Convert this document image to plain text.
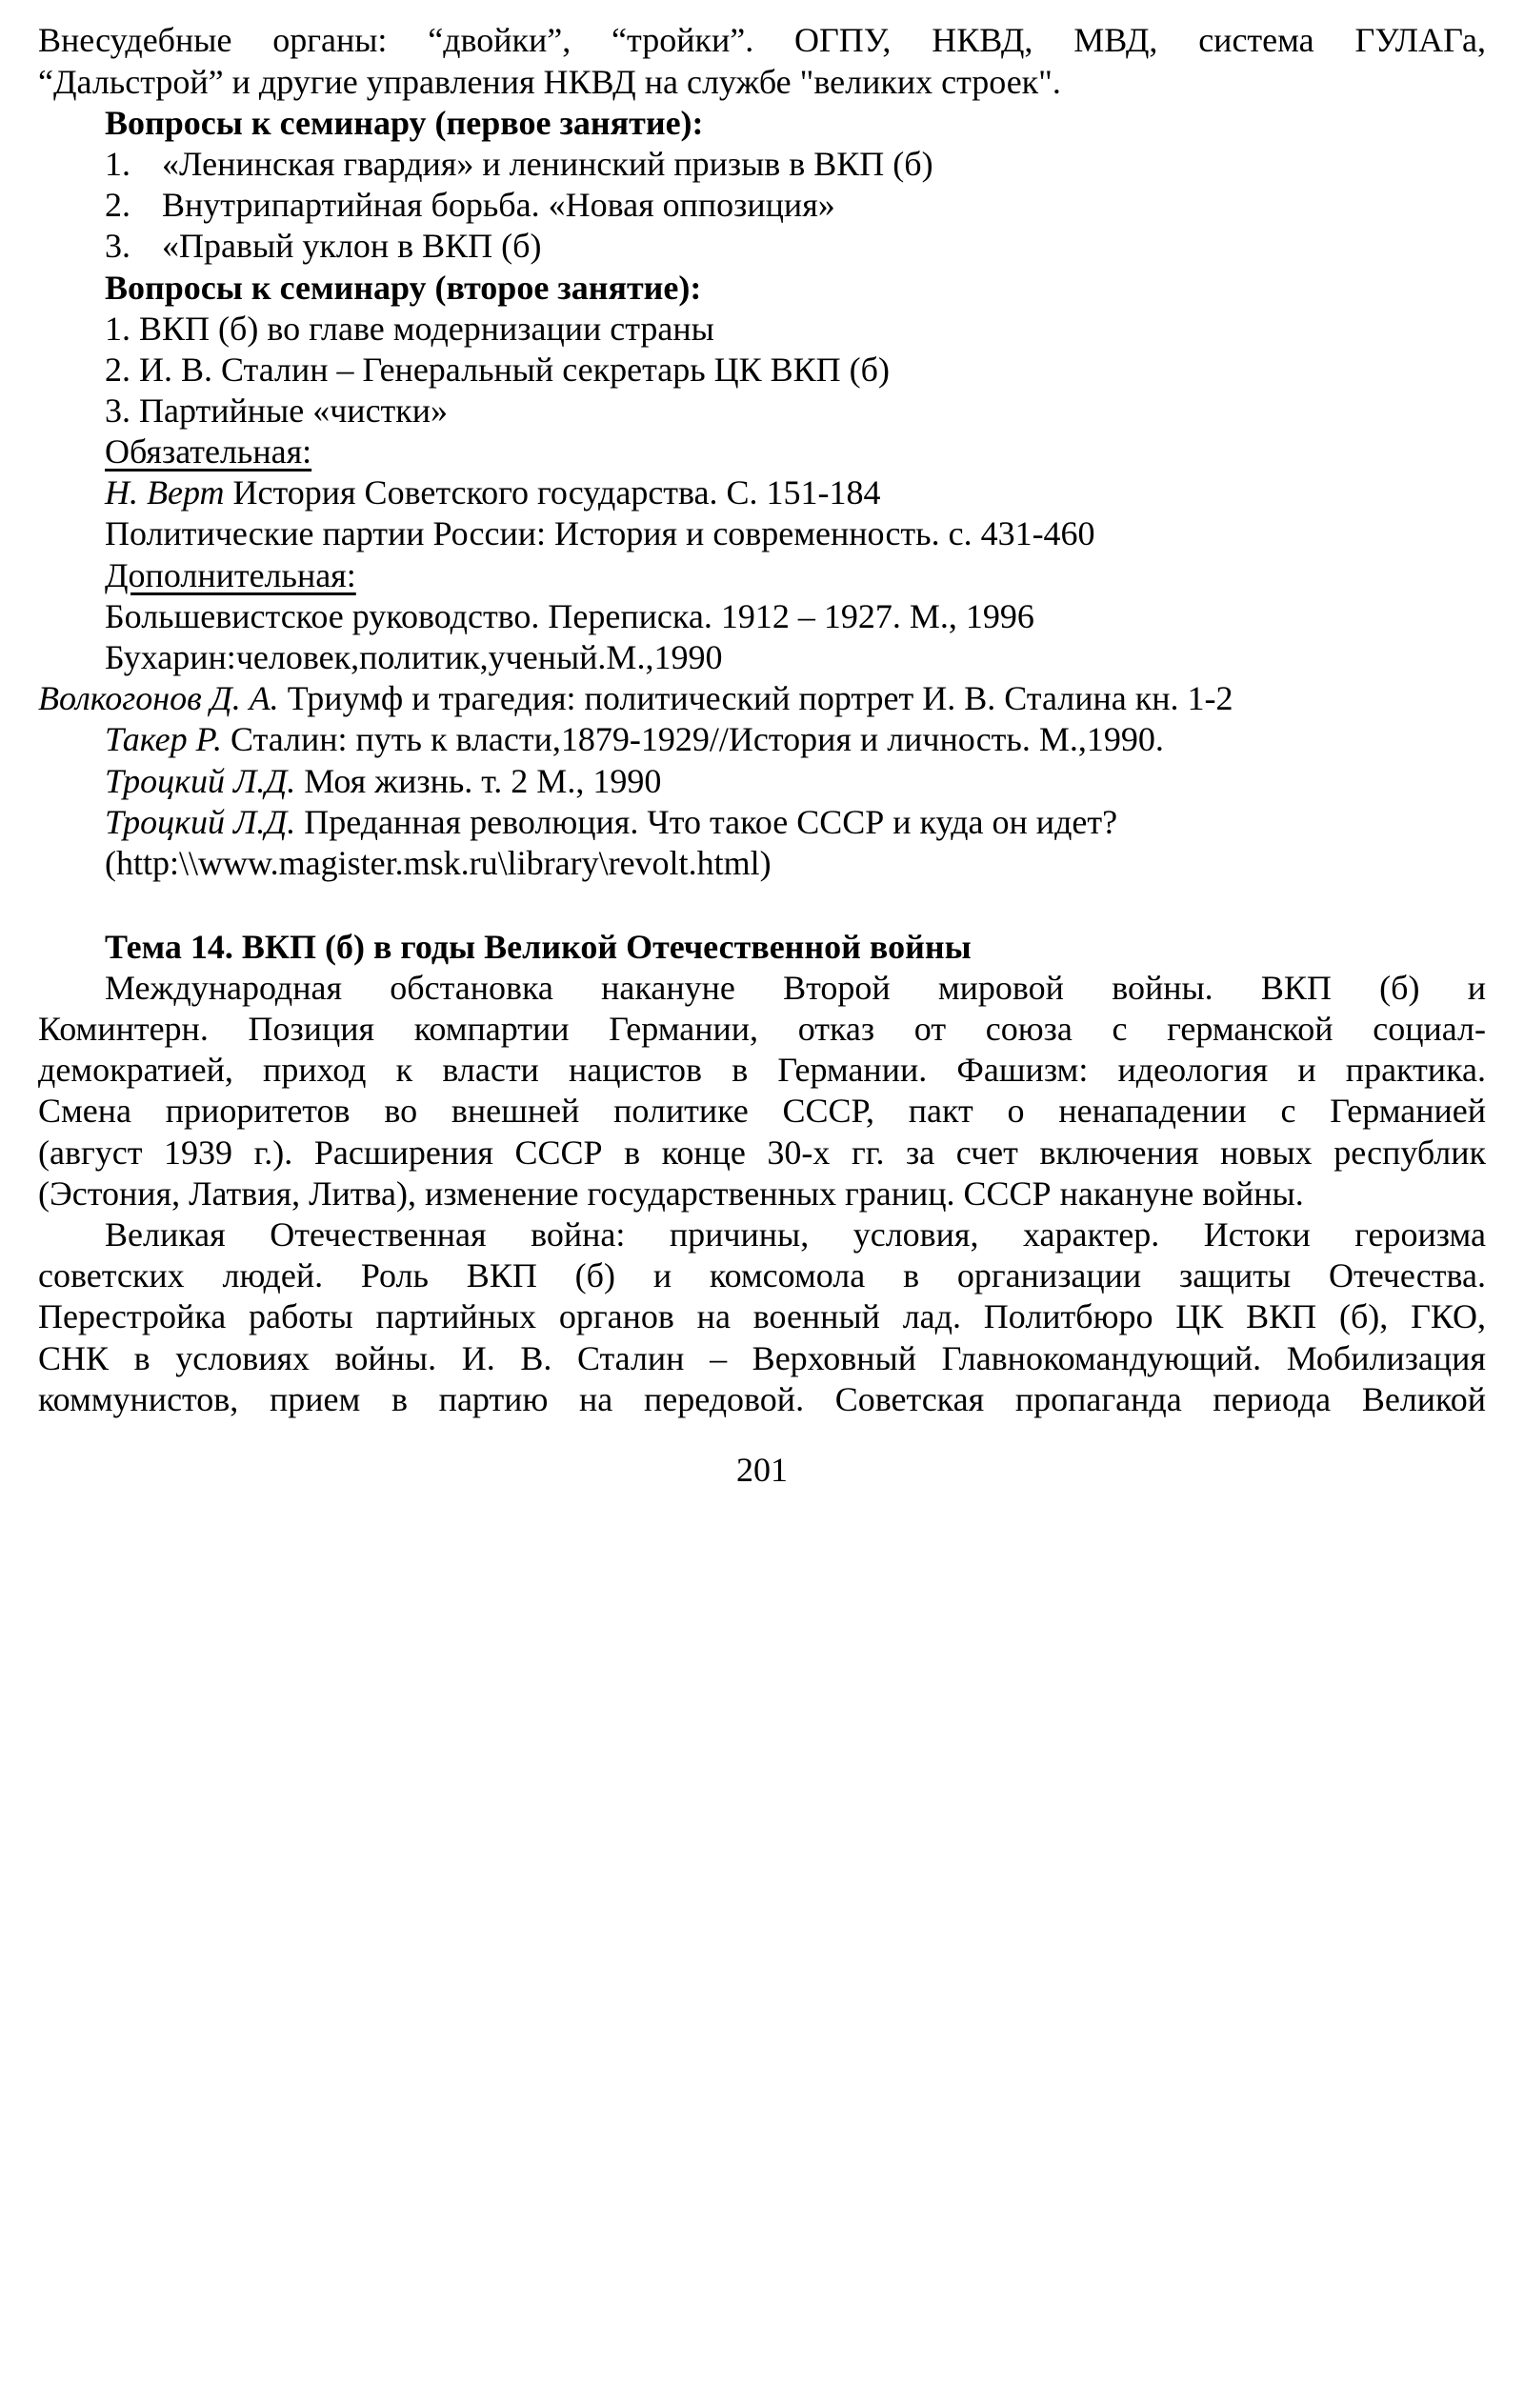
Внесудебные органы: “двойки”, “тройки”. ОГПУ, НКВД, МВД, система ГУЛАГа,
“Дальстрой” и другие управления НКВД на службе "великих строек".
Вопросы к семинару (первое занятие):
1. «Ленинская гвардия» и ленинский призыв в ВКП (б)
2. Внутрипартийная борьба. «Новая оппозиция»
3. «Правый уклон в ВКП (б)
Вопросы к семинару (второе занятие):
1. ВКП (б) во главе модернизации страны
2. И. В. Сталин – Генеральный секретарь ЦК ВКП (б)
3. Партийные «чистки»
Обязательная:
Н. Верт История Советского государства. С. 151-184
Политические партии России: История и современность. с. 431-460
Дополнительная:
Большевистское руководство. Переписка. 1912 – 1927. М., 1996
Бухарин:человек,политик,ученый.М.,1990
Волкогонов Д. А. Триумф и трагедия: политический портрет И. В. Сталина кн. 1-2
Такер Р. Сталин: путь к власти,1879-1929//История и личность. М.,1990.
Троцкий Л.Д. Моя жизнь. т. 2 М., 1990
Троцкий Л.Д. Преданная революция. Что такое СССР и куда он идет?
(http:\\www.magister.msk.ru\library\revolt.html)
Тема 14. ВКП (б) в годы Великой Отечественной войны
Международная обстановка накануне Второй мировой войны. ВКП (б) и
Коминтерн. Позиция компартии Германии, отказ от союза с германской социал-
демократией, приход к власти нацистов в Германии. Фашизм: идеология и практика.
Смена приоритетов во внешней политике СССР, пакт о ненападении с Германией
(август 1939 г.). Расширения СССР в конце 30-х гг. за счет включения новых республик
(Эстония, Латвия, Литва), изменение государственных границ. СССР накануне войны.
Великая Отечественная война: причины, условия, характер. Истоки героизма
советских людей. Роль ВКП (б) и комсомола в организации защиты Отечества.
Перестройка работы партийных органов на военный лад. Политбюро ЦК ВКП (б), ГКО,
СНК в условиях войны. И. В. Сталин – Верховный Главнокомандующий. Мобилизация
коммунистов, прием в партию на передовой. Советская пропаганда периода Великой
201
